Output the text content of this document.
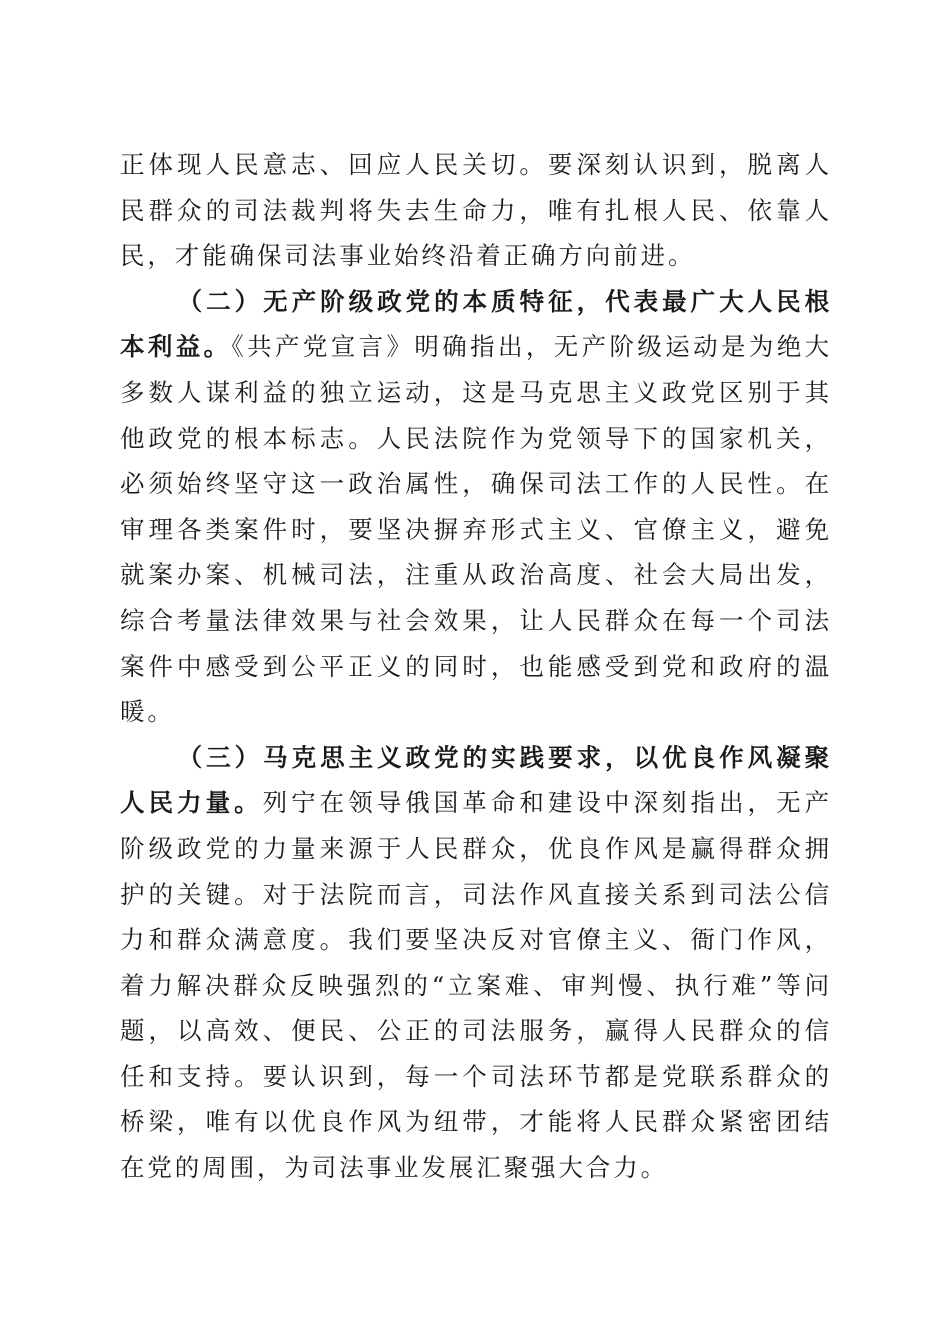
正体现人民意志、回应人民关切。要深刻认识到，脱离人民群众的司法裁判将失去生命力，唯有扎根人民、依靠人民，才能确保司法事业始终沿着正确方向前进。

（二）无产阶级政党的本质特征，代表最广大人民根本利益。《共产党宣言》明确指出，无产阶级运动是为绝大多数人谋利益的独立运动，这是马克思主义政党区别于其他政党的根本标志。人民法院作为党领导下的国家机关，必须始终坚守这一政治属性，确保司法工作的人民性。在审理各类案件时，要坚决摒弃形式主义、官僚主义，避免就案办案、机械司法，注重从政治高度、社会大局出发，综合考量法律效果与社会效果，让人民群众在每一个司法案件中感受到公平正义的同时，也能感受到党和政府的温暖。

（三）马克思主义政党的实践要求，以优良作风凝聚人民力量。列宁在领导俄国革命和建设中深刻指出，无产阶级政党的力量来源于人民群众，优良作风是赢得群众拥护的关键。对于法院而言，司法作风直接关系到司法公信力和群众满意度。我们要坚决反对官僚主义、衙门作风，着力解决群众反映强烈的“立案难、审判慢、执行难”等问题，以高效、便民、公正的司法服务，赢得人民群众的信任和支持。要认识到，每一个司法环节都是党联系群众的桥梁，唯有以优良作风为纽带，才能将人民群众紧密团结在党的周围，为司法事业发展汇聚强大合力。
